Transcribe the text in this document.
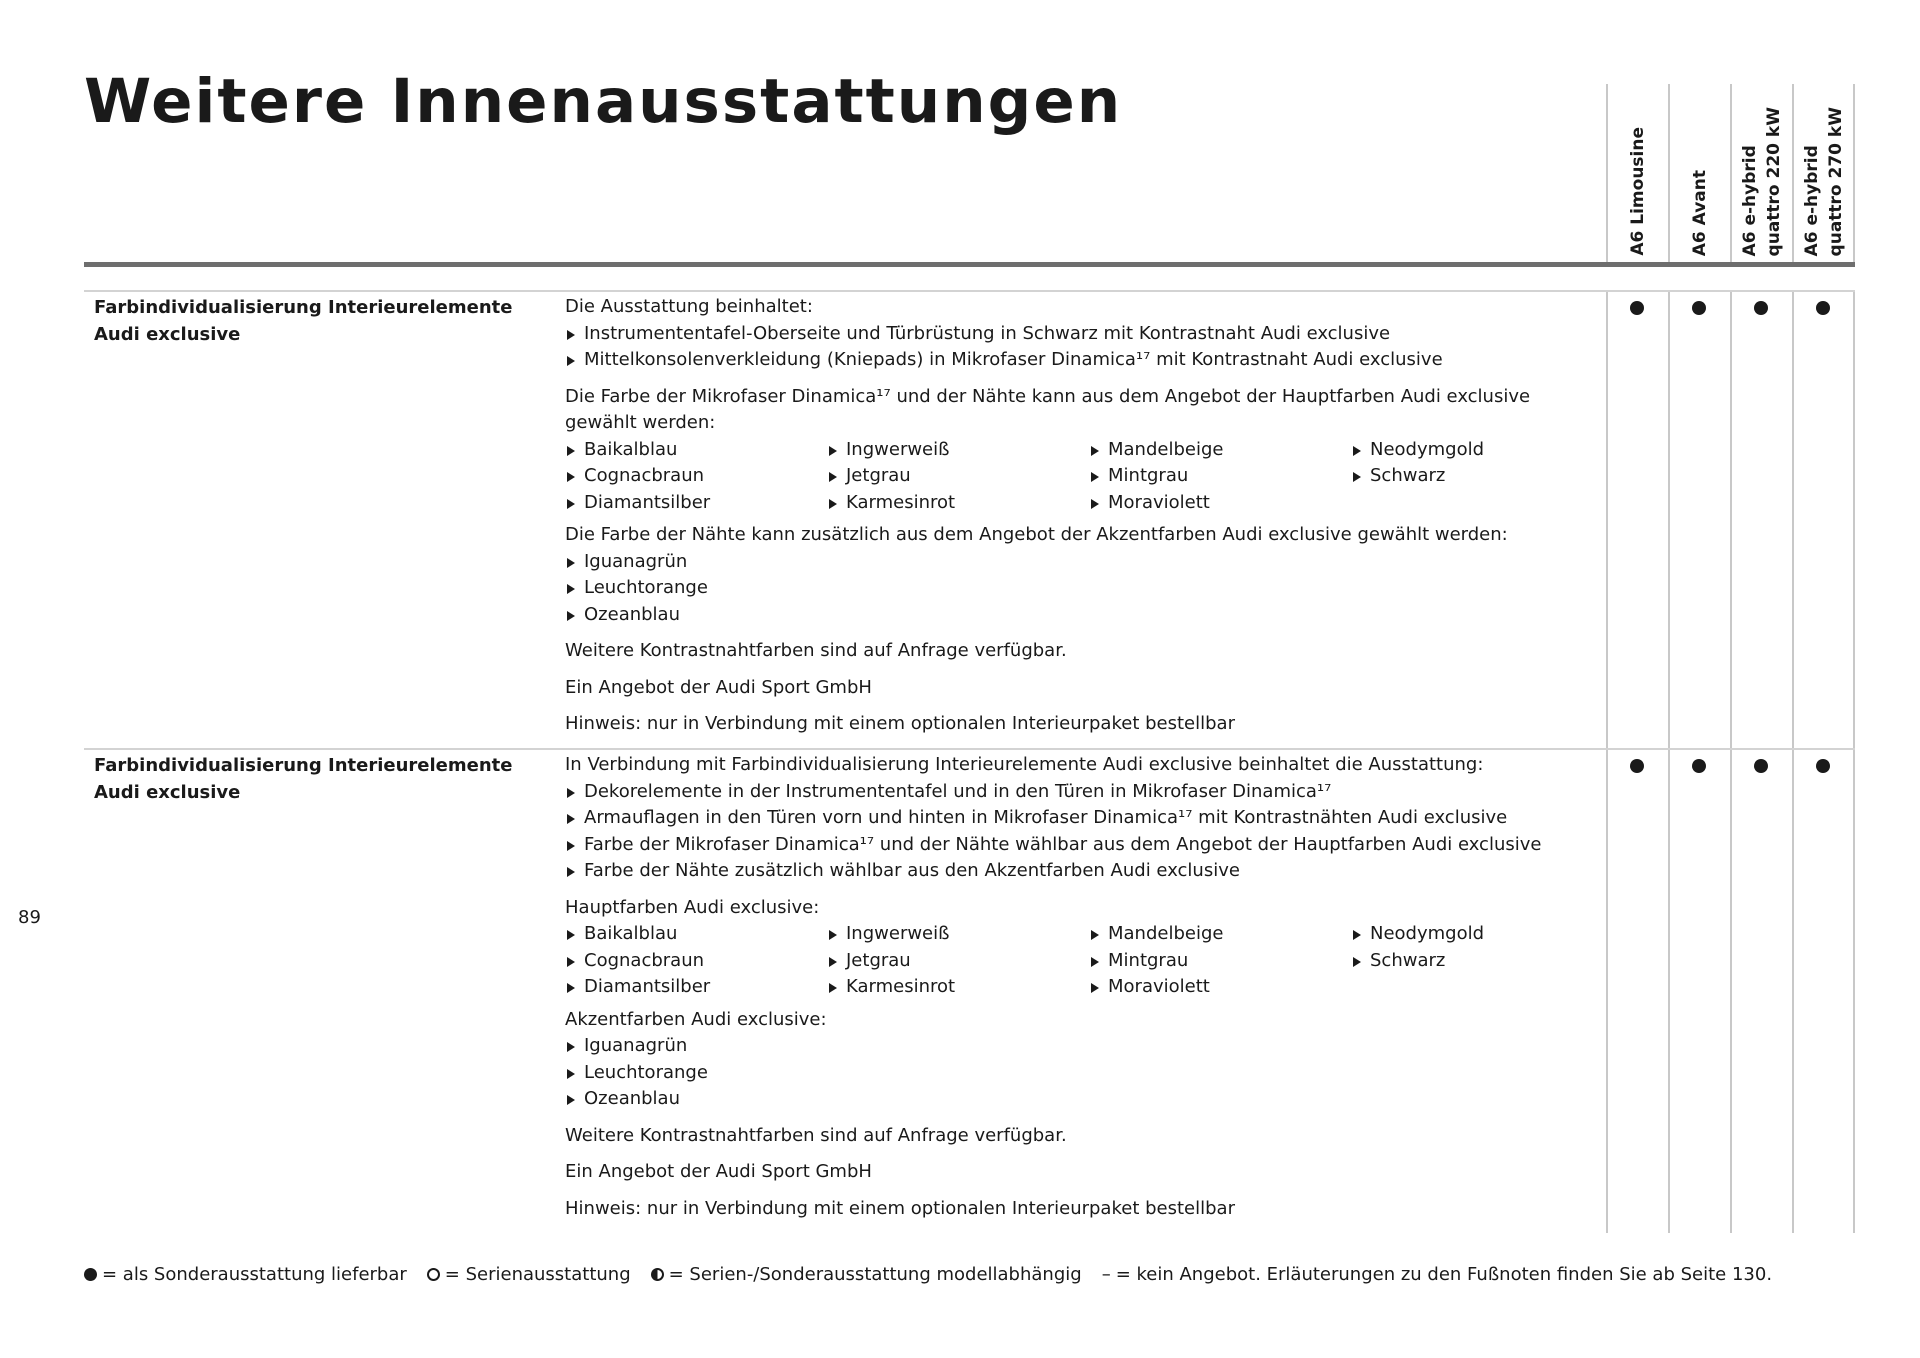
Weitere Innenausstattungen
A6 Limousine A6 Avant A6 e-hybrid
quattro 220 kW
A6 e-hybrid
quattro 270 kW
Farbindividualisierung Interieurelemente Audi exclusive

Die Ausstattung beinhaltet:

Instrumententafel-Oberseite und Türbrüstung in Schwarz mit Kontrastnaht Audi exclusive
Mittelkonsolenverkleidung (Kniepads) in Mikrofaser Dinamica¹⁷ mit Kontrastnaht Audi exclusive

Die Farbe der Mikrofaser Dinamica¹⁷ und der Nähte kann aus dem Angebot der Hauptfarben Audi exclusive gewählt werden:

Baikalblau
Cognacbraun
Diamantsilber
Ingwerweiß
Jetgrau
Karmesinrot
Mandelbeige
Mintgrau
Moraviolett
Neodymgold
Schwarz

Die Farbe der Nähte kann zusätzlich aus dem Angebot der Akzentfarben Audi exclusive gewählt werden:

Iguanagrün
Leuchtorange
Ozeanblau

Weitere Kontrastnahtfarben sind auf Anfrage verfügbar.

Ein Angebot der Audi Sport GmbH

Hinweis: nur in Verbindung mit einem optionalen Interieurpaket bestellbar

Farbindividualisierung Interieurelemente Audi exclusive

In Verbindung mit Farbindividualisierung Interieurelemente Audi exclusive beinhaltet die Ausstattung:

Dekorelemente in der Instrumententafel und in den Türen in Mikrofaser Dinamica¹⁷
Armauflagen in den Türen vorn und hinten in Mikrofaser Dinamica¹⁷ mit Kontrastnähten Audi exclusive
Farbe der Mikrofaser Dinamica¹⁷ und der Nähte wählbar aus dem Angebot der Hauptfarben Audi exclusive
Farbe der Nähte zusätzlich wählbar aus den Akzentfarben Audi exclusive

Hauptfarben Audi exclusive:

Baikalblau
Cognacbraun
Diamantsilber
Ingwerweiß
Jetgrau
Karmesinrot
Mandelbeige
Mintgrau
Moraviolett
Neodymgold
Schwarz

Akzentfarben Audi exclusive:

Iguanagrün
Leuchtorange
Ozeanblau

Weitere Kontrastnahtfarben sind auf Anfrage verfügbar.

Ein Angebot der Audi Sport GmbH

Hinweis: nur in Verbindung mit einem optionalen Interieurpaket bestellbar

89
= als Sonderausstattung lieferbar = Serienausstattung = Serien-/Sonderausstattung modellabhängig – = kein Angebot. Erläuterungen zu den Fußnoten finden Sie ab Seite 130.
